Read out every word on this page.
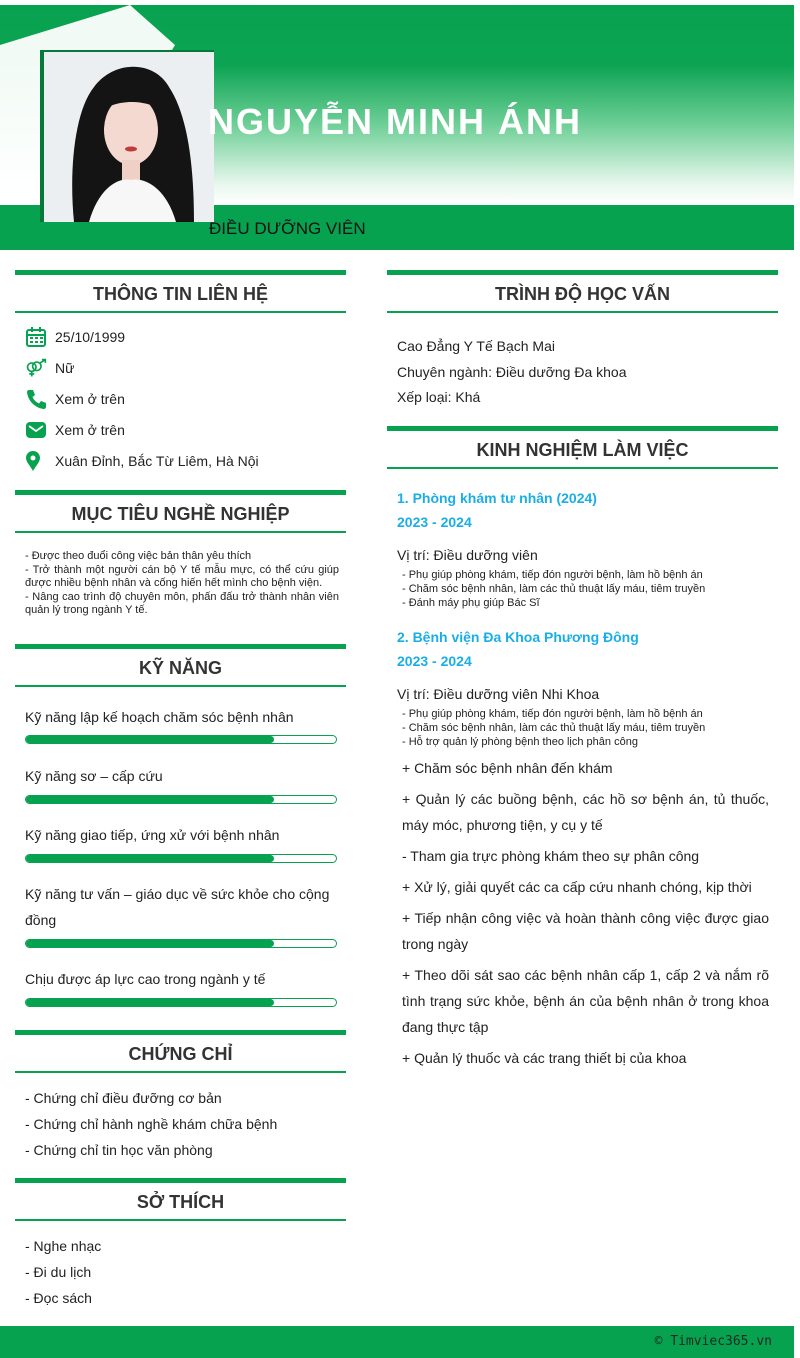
NGUYỄN MINH ÁNH
ĐIỀU DƯỠNG VIÊN
THÔNG TIN LIÊN HỆ
25/10/1999
Nữ
Xem ở trên
Xem ở trên
Xuân Đỉnh, Bắc Từ Liêm, Hà Nội
MỤC TIÊU NGHỀ NGHIỆP

- Được theo đuổi công việc bản thân yêu thích

- Trở thành một người cán bộ Y tế mẫu mực, có thể cứu giúp được nhiều bệnh nhân và cống hiến hết mình cho bệnh viện.

- Nâng cao trình độ chuyên môn, phấn đấu trở thành nhân viên quản lý trong ngành Y tế.

KỸ NĂNG
Kỹ năng lập kế hoạch chăm sóc bệnh nhân
Kỹ năng sơ – cấp cứu
Kỹ năng giao tiếp, ứng xử với bệnh nhân
Kỹ năng tư vấn – giáo dục về sức khỏe cho cộng đồng
Chịu được áp lực cao trong ngành y tế
CHỨNG CHỈ
- Chứng chỉ điều đưỡng cơ bản
- Chứng chỉ hành nghề khám chữa bệnh
- Chứng chỉ tin học văn phòng
SỞ THÍCH
- Nghe nhạc
- Đi du lịch
- Đọc sách
TRÌNH ĐỘ HỌC VẤN
Cao Đẳng Y Tế Bạch Mai
Chuyên ngành: Điều dưỡng Đa khoa
Xếp loại: Khá
KINH NGHIỆM LÀM VIỆC
1. Phòng khám tư nhân (2024)
2023 - 2024
Vị trí: Điều dưỡng viên
- Phụ giúp phòng khám, tiếp đón người bệnh, làm hồ bệnh án
- Chăm sóc bệnh nhân, làm các thủ thuật lấy máu, tiêm truyền
- Đánh máy phụ giúp Bác Sĩ
2. Bệnh viện Đa Khoa Phương Đông
2023 - 2024
Vị trí: Điều dưỡng viên Nhi Khoa
- Phụ giúp phòng khám, tiếp đón người bệnh, làm hồ bệnh án
- Chăm sóc bệnh nhân, làm các thủ thuật lấy máu, tiêm truyền
- Hỗ trợ quản lý phòng bệnh theo lịch phân công

+ Chăm sóc bệnh nhân đến khám

+ Quản lý các buồng bệnh, các hồ sơ bệnh án, tủ thuốc, máy móc, phương tiện, y cụ y tế

- Tham gia trực phòng khám theo sự phân công

+ Xử lý, giải quyết các ca cấp cứu nhanh chóng, kịp thời

+ Tiếp nhận công việc và hoàn thành công việc được giao trong ngày

+ Theo dõi sát sao các bệnh nhân cấp 1, cấp 2 và nắm rõ tình trạng sức khỏe, bệnh án của bệnh nhân ở trong khoa đang thực tập

+ Quản lý thuốc và các trang thiết bị của khoa

© Timviec365.vn
